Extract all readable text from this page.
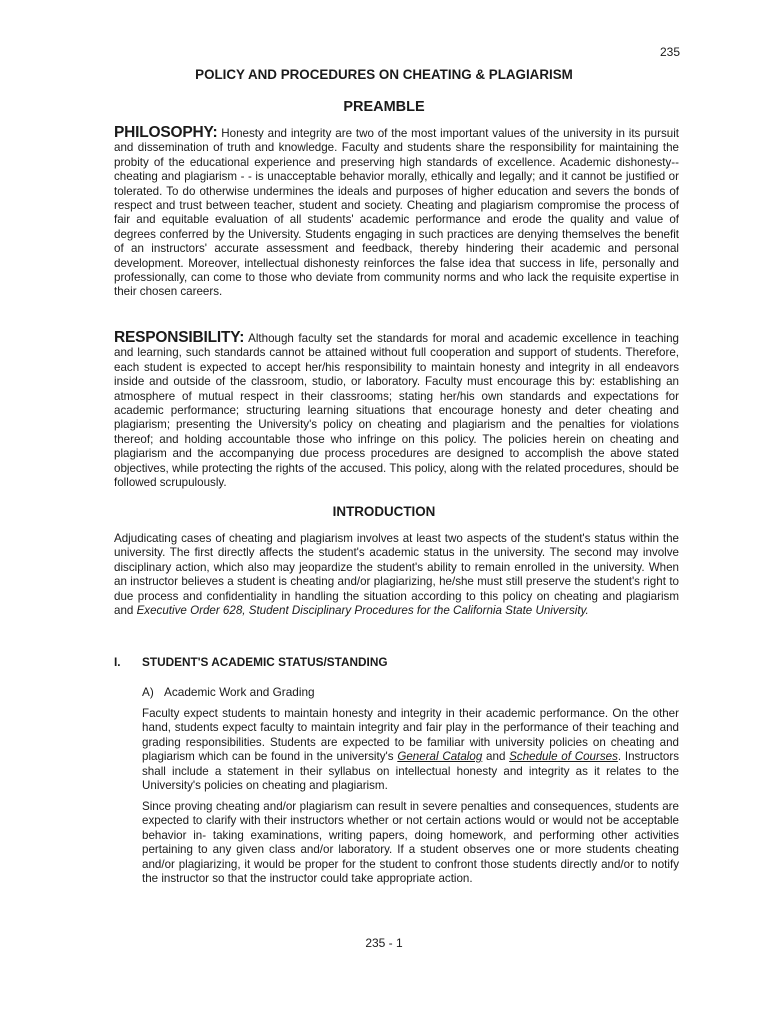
235
POLICY AND PROCEDURES ON CHEATING & PLAGIARISM
PREAMBLE

PHILOSOPHY: Honesty and integrity are two of the most important values of the university in its pursuit and dissemination of truth and knowledge. Faculty and students share the responsibility for maintaining the probity of the educational experience and preserving high standards of excellence. Academic dishonesty--cheating and plagiarism - - is unacceptable behavior morally, ethically and legally; and it cannot be justified or tolerated. To do otherwise undermines the ideals and purposes of higher education and severs the bonds of respect and trust between teacher, student and society. Cheating and plagiarism compromise the process of fair and equitable evaluation of all students' academic performance and erode the quality and value of degrees conferred by the University. Students engaging in such practices are denying themselves the benefit of an instructors' accurate assessment and feedback, thereby hindering their academic and personal development. Moreover, intellectual dishonesty reinforces the false idea that success in life, personally and professionally, can come to those who deviate from community norms and who lack the requisite expertise in their chosen careers.

RESPONSIBILITY: Although faculty set the standards for moral and academic excellence in teaching and learning, such standards cannot be attained without full cooperation and support of students. Therefore, each student is expected to accept her/his responsibility to maintain honesty and integrity in all endeavors inside and outside of the classroom, studio, or laboratory. Faculty must encourage this by: establishing an atmosphere of mutual respect in their classrooms; stating her/his own standards and expectations for academic performance; structuring learning situations that encourage honesty and deter cheating and plagiarism; presenting the University's policy on cheating and plagiarism and the penalties for violations thereof; and holding accountable those who infringe on this policy. The policies herein on cheating and plagiarism and the accompanying due process procedures are designed to accomplish the above stated objectives, while protecting the rights of the accused. This policy, along with the related procedures, should be followed scrupulously.

INTRODUCTION

Adjudicating cases of cheating and plagiarism involves at least two aspects of the student's status within the university. The first directly affects the student's academic status in the university. The second may involve disciplinary action, which also may jeopardize the student's ability to remain enrolled in the university. When an instructor believes a student is cheating and/or plagiarizing, he/she must still preserve the student's right to due process and confidentiality in handling the situation according to this policy on cheating and plagiarism and Executive Order 628, Student Disciplinary Procedures for the California State University.

I. STUDENT'S ACADEMIC STATUS/STANDING
A) Academic Work and Grading

Faculty expect students to maintain honesty and integrity in their academic performance. On the other hand, students expect faculty to maintain integrity and fair play in the performance of their teaching and grading responsibilities. Students are expected to be familiar with university policies on cheating and plagiarism which can be found in the university's General Catalog and Schedule of Courses. Instructors shall include a statement in their syllabus on intellectual honesty and integrity as it relates to the University's policies on cheating and plagiarism.

Since proving cheating and/or plagiarism can result in severe penalties and consequences, students are expected to clarify with their instructors whether or not certain actions would or would not be acceptable behavior in- taking examinations, writing papers, doing homework, and performing other activities pertaining to any given class and/or laboratory. If a student observes one or more students cheating and/or plagiarizing, it would be proper for the student to confront those students directly and/or to notify the instructor so that the instructor could take appropriate action.

235 - 1
